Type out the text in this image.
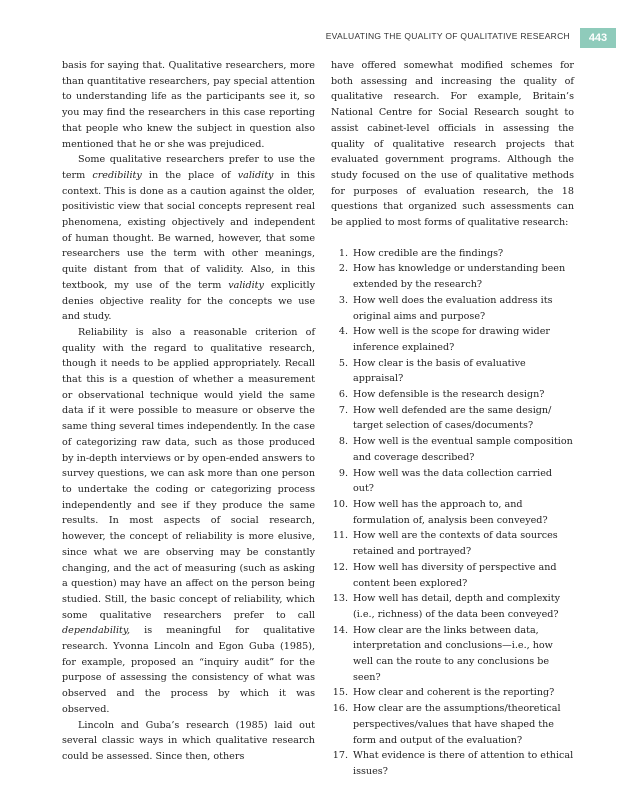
EVALUATING THE QUALITY OF QUALITATIVE RESEARCH	443

basis for saying that. Qualitative researchers, more than quantitative researchers, pay special attention to understanding life as the participants see it, so you may find the researchers in this case reporting that people who knew the subject in question also mentioned that he or she was prejudiced.

Some qualitative researchers prefer to use the term credibility in the place of validity in this context. This is done as a caution against the older, positivistic view that social concepts represent real phenomena, existing objectively and independent of human thought. Be warned, however, that some researchers use the term with other meanings, quite distant from that of validity. Also, in this textbook, my use of the term validity explicitly denies objective reality for the concepts we use and study.

Reliability is also a reasonable criterion of quality with the regard to qualitative research, though it needs to be applied appropriately. Recall that this is a question of whether a measurement or observational technique would yield the same data if it were possible to measure or observe the same thing several times independently. In the case of categorizing raw data, such as those produced by in-depth interviews or by open-ended answers to survey questions, we can ask more than one person to undertake the coding or categorizing process independently and see if they produce the same results. In most aspects of social research, however, the concept of reliability is more elusive, since what we are observing may be constantly changing, and the act of measuring (such as asking a question) may have an affect on the person being studied. Still, the basic concept of reliability, which some qualitative researchers prefer to call dependability, is meaningful for qualitative research. Yvonna Lincoln and Egon Guba (1985), for example, proposed an “inquiry audit” for the purpose of assessing the consistency of what was observed and the process by which it was observed.

Lincoln and Guba’s research (1985) laid out several classic ways in which qualitative research could be assessed. Since then, others

have offered somewhat modified schemes for both assessing and increasing the quality of qualitative research. For example, Britain’s National Centre for Social Research sought to assist cabinet-level officials in assessing the quality of qualitative research projects that evaluated government programs. Although the study focused on the use of qualitative methods for purposes of evaluation research, the 18 questions that organized such assessments can be applied to most forms of qualitative research:

1. How credible are the findings?
2. How has knowledge or understanding been extended by the research?
3. How well does the evaluation address its original aims and purpose?
4. How well is the scope for drawing wider inference explained?
5. How clear is the basis of evaluative appraisal?
6. How defensible is the research design?
7. How well defended are the same design/ target selection of cases/documents?
8. How well is the eventual sample composition and coverage described?
9. How well was the data collection carried out?
10. How well has the approach to, and formulation of, analysis been conveyed?
11. How well are the contexts of data sources retained and portrayed?
12. How well has diversity of perspective and content been explored?
13. How well has detail, depth and complexity (i.e., richness) of the data been conveyed?
14. How clear are the links between data, interpretation and conclusions—i.e., how well can the route to any conclusions be seen?
15. How clear and coherent is the reporting?
16. How clear are the assumptions/theoretical perspectives/values that have shaped the form and output of the evaluation?
17. What evidence is there of attention to ethical issues?
